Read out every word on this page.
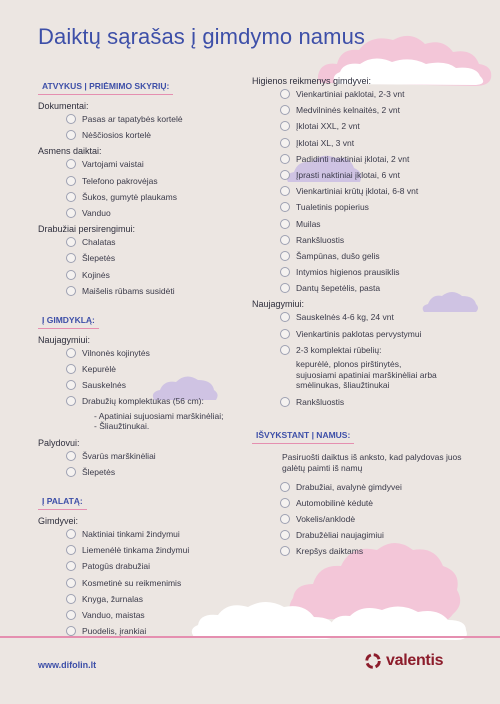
Daiktų sąrašas į gimdymo namus
ATVYKUS | PRIĖMIMO SKYRIŲ:
Dokumentai:
Pasas ar tapatybės kortelė
Nėščiosios kortelė
Asmens daiktai:
Vartojami vaistai
Telefono pakrovėjas
Šukos, gumytė plaukams
Vanduo
Drabužiai persirengimui:
Chalatas
Šlepetės
Kojinės
Maišelis rūbams susidėti
Į GIMDYKLĄ:
Naujagymiui:
Vilnonės kojinytės
Kepurėlė
Sauskelnės
Drabužių komplektukas (56 cm):
- Apatiniai sujuosiami marškinėliai;
- Šliaužtinukai.
Palydovui:
Švarūs marškinėliai
Šlepetės
Į PALATĄ:
Gimdyvei:
Naktiniai tinkami žindymui
Liemenėlė tinkama žindymui
Patogūs drabužiai
Kosmetinė su reikmenimis
Knyga, žurnalas
Vanduo, maistas
Puodelis, įrankiai
Higienos reikmenys gimdyvei:
Vienkartiniai paklotai, 2-3 vnt
Medvilninės kelnaitės, 2 vnt
Įklotai XXL, 2 vnt
Įklotai XL, 3 vnt
Padidinti naktiniai įklotai, 2 vnt
Įprasti naktiniai įklotai, 6 vnt
Vienkartiniai krūtų įklotai, 6-8 vnt
Tualetinis popierius
Muilas
Rankšluostis
Šampūnas, dušo gelis
Intymios higienos prausiklis
Dantų šepetėlis, pasta
Naujagymiui:
Sauskelnės 4-6 kg, 24 vnt
Vienkartinis paklotas pervystymui
2-3 komplektai rūbelių:
kepurėlė, plonos pirštinytės,
sujuosiami apatiniai marškinėliai arba
smėlinukas, šliaužtinukai
Rankšluostis
IŠVYKSTANT | NAMUS:
Pasiruošti daiktus iš anksto, kad palydovas juos galėtų paimti iš namų
Drabužiai, avalynė gimdyvei
Automobilinė kėdutė
Vokelis/anklodė
Drabužėliai naujagimiui
Krepšys daiktams
www.difolin.lt	valentis
